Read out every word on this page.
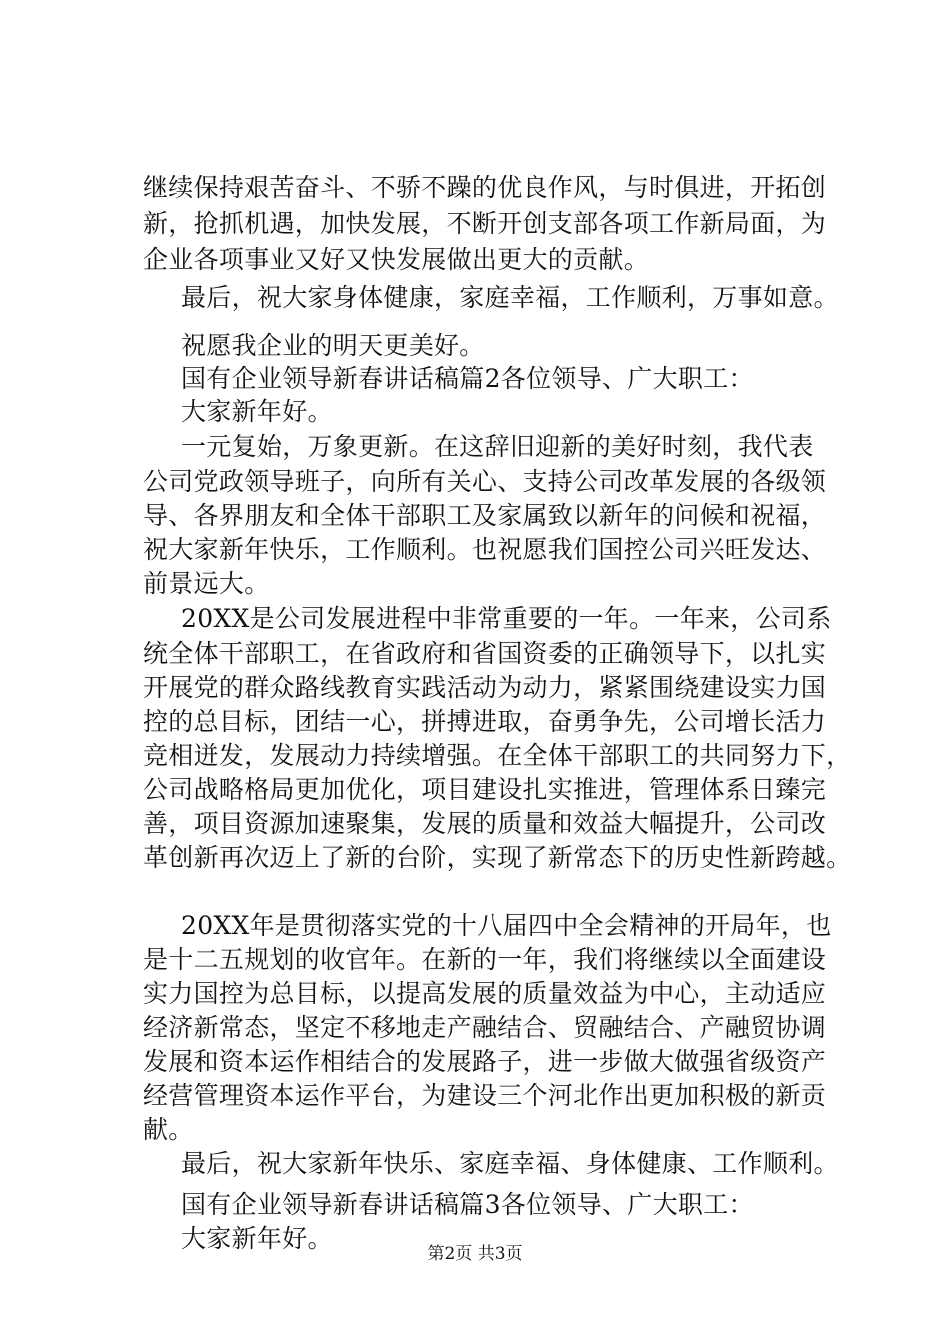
继续保持艰苦奋斗、不骄不躁的优良作风，与时俱进，开拓创
新，抢抓机遇，加快发展，不断开创支部各项工作新局面，为
企业各项事业又好又快发展做出更大的贡献。
最后，祝大家身体健康，家庭幸福，工作顺利，万事如意。
祝愿我企业的明天更美好。
国有企业领导新春讲话稿篇2各位领导、广大职工：
大家新年好。
一元复始，万象更新。在这辞旧迎新的美好时刻，我代表
公司党政领导班子，向所有关心、支持公司改革发展的各级领
导、各界朋友和全体干部职工及家属致以新年的问候和祝福，
祝大家新年快乐，工作顺利。也祝愿我们国控公司兴旺发达、
前景远大。
20XX是公司发展进程中非常重要的一年。一年来，公司系
统全体干部职工，在省政府和省国资委的正确领导下，以扎实
开展党的群众路线教育实践活动为动力，紧紧围绕建设实力国
控的总目标，团结一心，拼搏进取，奋勇争先，公司增长活力
竞相迸发，发展动力持续增强。在全体干部职工的共同努力下，
公司战略格局更加优化，项目建设扎实推进，管理体系日臻完
善，项目资源加速聚集，发展的质量和效益大幅提升，公司改
革创新再次迈上了新的台阶，实现了新常态下的历史性新跨越。
20XX年是贯彻落实党的十八届四中全会精神的开局年，也
是十二五规划的收官年。在新的一年，我们将继续以全面建设
实力国控为总目标，以提高发展的质量效益为中心，主动适应
经济新常态，坚定不移地走产融结合、贸融结合、产融贸协调
发展和资本运作相结合的发展路子，进一步做大做强省级资产
经营管理资本运作平台，为建设三个河北作出更加积极的新贡
献。
最后，祝大家新年快乐、家庭幸福、身体健康、工作顺利。
国有企业领导新春讲话稿篇3各位领导、广大职工：
大家新年好。
第2页 共3页
